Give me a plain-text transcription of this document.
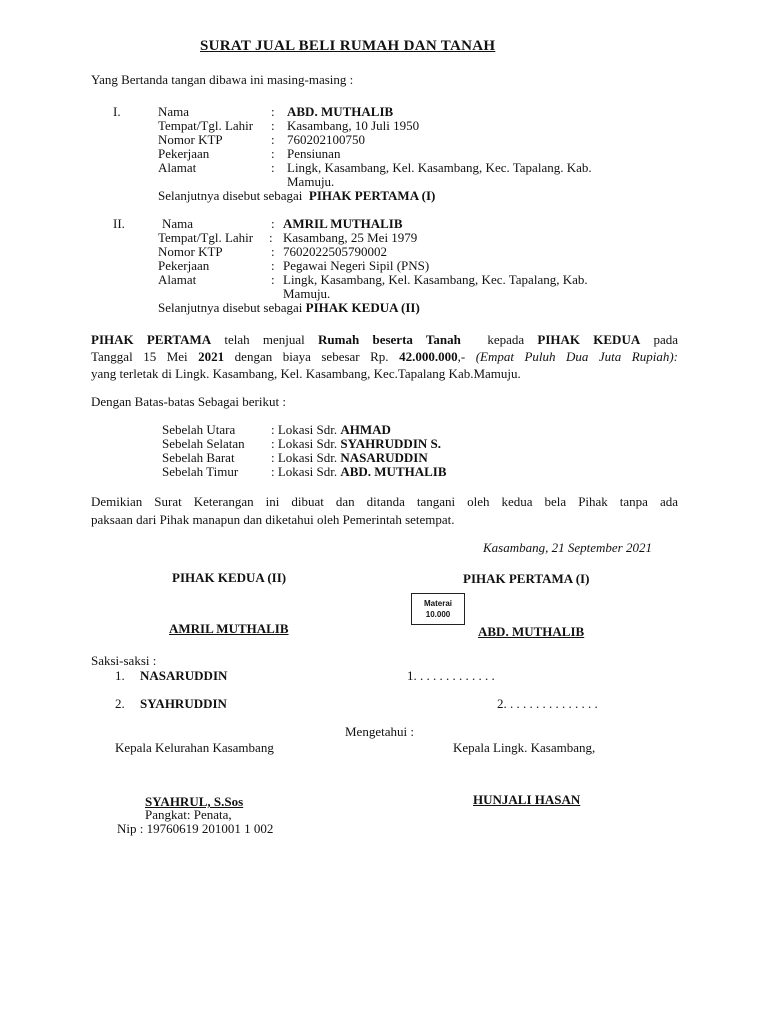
SURAT JUAL BELI RUMAH DAN TANAH
Yang Bertanda tangan dibawa ini masing-masing :
I.	Nama	: ABD. MUTHALIB
Tempat/Tgl. Lahir : Kasambang, 10 Juli 1950
Nomor KTP	: 760202100750
Pekerjaan	: Pensiunan
Alamat	: Lingk, Kasambang, Kel. Kasambang, Kec. Tapalang. Kab.
Mamuju.
Selanjutnya disebut sebagai PIHAK PERTAMA (I)
II.	Nama	: AMRIL MUTHALIB
Tempat/Tgl. Lahir : Kasambang, 25 Mei 1979
Nomor KTP	: 7602022505790002
Pekerjaan	: Pegawai Negeri Sipil (PNS)
Alamat	: Lingk, Kasambang, Kel. Kasambang, Kec. Tapalang, Kab.
Mamuju.
Selanjutnya disebut sebagai PIHAK KEDUA (II)
PIHAK PERTAMA telah menjual Rumah beserta Tanah kepada PIHAK KEDUA pada
Tanggal 15 Mei 2021 dengan biaya sebesar Rp. 42.000.000,- (Empat Puluh Dua Juta Rupiah):
yang terletak di Lingk. Kasambang, Kel. Kasambang, Kec.Tapalang Kab.Mamuju.
Dengan Batas-batas Sebagai berikut :
Sebelah Utara	: Lokasi Sdr. AHMAD
Sebelah Selatan : Lokasi Sdr. SYAHRUDDIN S.
Sebelah Barat	: Lokasi Sdr. NASARUDDIN
Sebelah Timur	: Lokasi Sdr. ABD. MUTHALIB
Demikian Surat Keterangan ini dibuat dan ditanda tangani oleh kedua bela Pihak tanpa ada
paksaan dari Pihak manapun dan diketahui oleh Pemerintah setempat.
Kasambang, 21 September 2021
PIHAK KEDUA (II)	PIHAK PERTAMA (I)
Materai
10.000
AMRIL MUTHALIB	ABD. MUTHALIB
Saksi-saksi :
1. NASARUDDIN	1. . . . . . . . . . . . .
2. SYAHRUDDIN	2. . . . . . . . . . . . . . .
Mengetahui :
Kepala Kelurahan Kasambang	Kepala Lingk. Kasambang,
SYAHRUL, S.Sos
Pangkat: Penata,
Nip : 19760619 201001 1 002
HUNJALI HASAN
